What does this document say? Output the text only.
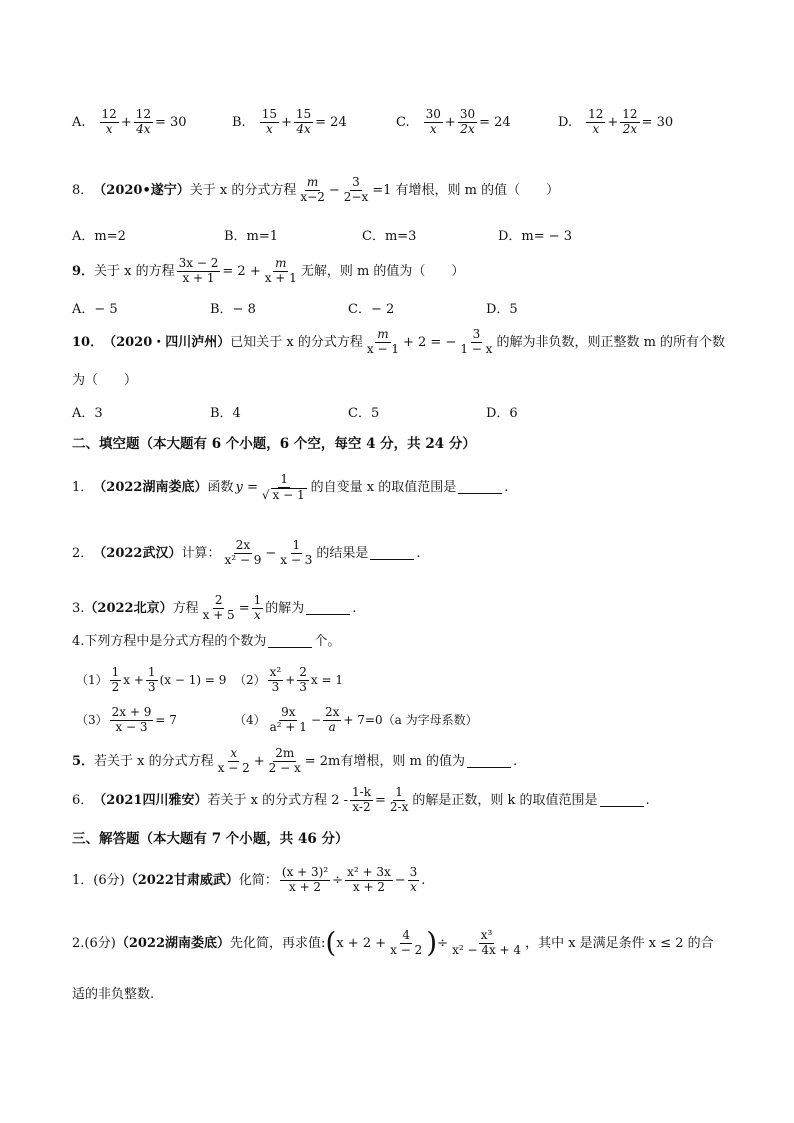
A. $\frac{12}{x} + \frac{12}{4x} = 30$	B. $\frac{15}{x} + \frac{15}{4x} = 24$	C. $\frac{30}{x} + \frac{30}{2x} = 24$	D. $\frac{12}{x} + \frac{12}{2x} = 30$
8． （2020•遂宁） 关于 x 的分式方程 $\frac{m}{x-2} - \frac{3}{2-x} =1$ 有增根，则 m 的值（　　）
A．m=2	B．m=1	C．m=3	D．m= − 3
9． 关于 x 的方程 $\frac{3x - 2}{x + 1} = 2 + \frac{m}{x + 1}$ 无解，则 m 的值为（　　）
A．− 5	B．− 8	C．− 2	D．5
10． （2020・四川泸州） 已知关于 x 的分式方程 $\frac{m}{x - 1} + 2$ = − $\frac{3}{1 - x}$ 的解为非负数，则正整数 m 的所有个数
为（　　）
A．3	B．4	C．5	D．6
二、填空题（本大题有 6 个小题，6 个空，每空 4 分，共 24 分）
1． （2022湖南娄底） 函数 $y = \frac{1}{√ x - 1}$ 的自变量 x 的取值范围是	.
2． （2022武汉） 计算： $\frac{2x}{\text{x² − 9}} - \frac{1}{x - 3}$ 的结果是	.
3. （2022北京） 方程 $\frac{2}{x + 5} = \frac{1}{x}$ 的解为	.
4.下列方程中是分式方程的个数为	个。
$(1) \frac{1}{2}$ $x + \frac{1}{3} (x - 1) = 9$ $(2) \frac{\text{x²}}{3} + \frac{2}{3}$ x = 1
$(3) \frac{2x + 9}{x - 3} = 7$	$(4) \frac{9x}{\text{a² + 1}} - \frac{2x}{a} + 7=0$ （a 为字母系数）
5． 若关于 x 的分式方程 $\frac{x}{x - 2} + \frac{2m}{2 - x} = 2m$ 有增根，则 m 的值为	.
6． （2021四川雅安） 若关于 x 的分式方程 $2 - \frac{1-k}{x-2} = \frac{1}{2-x}$ 的解是正数，则 k 的取值范围是	.
三、解答题（本大题有 7 个小题，共 46 分）
1． (6分) （2022甘肃威武） 化简： $\frac{\text{(x + 3)²}}{x + 2} \div \frac{\text{x² + 3x}}{x + 2} - \frac{3}{x}$ .
2. (6分) （2022湖南娄底） 先化简，再求值: ( $x + 2 + \frac{4}{x - 2}$ ) ÷ $\frac{\text{x³}}{\text{x² − 4x + 4}}$ ，其中 x 是满足条件 x ≤ 2 的合
适的非负整数.
